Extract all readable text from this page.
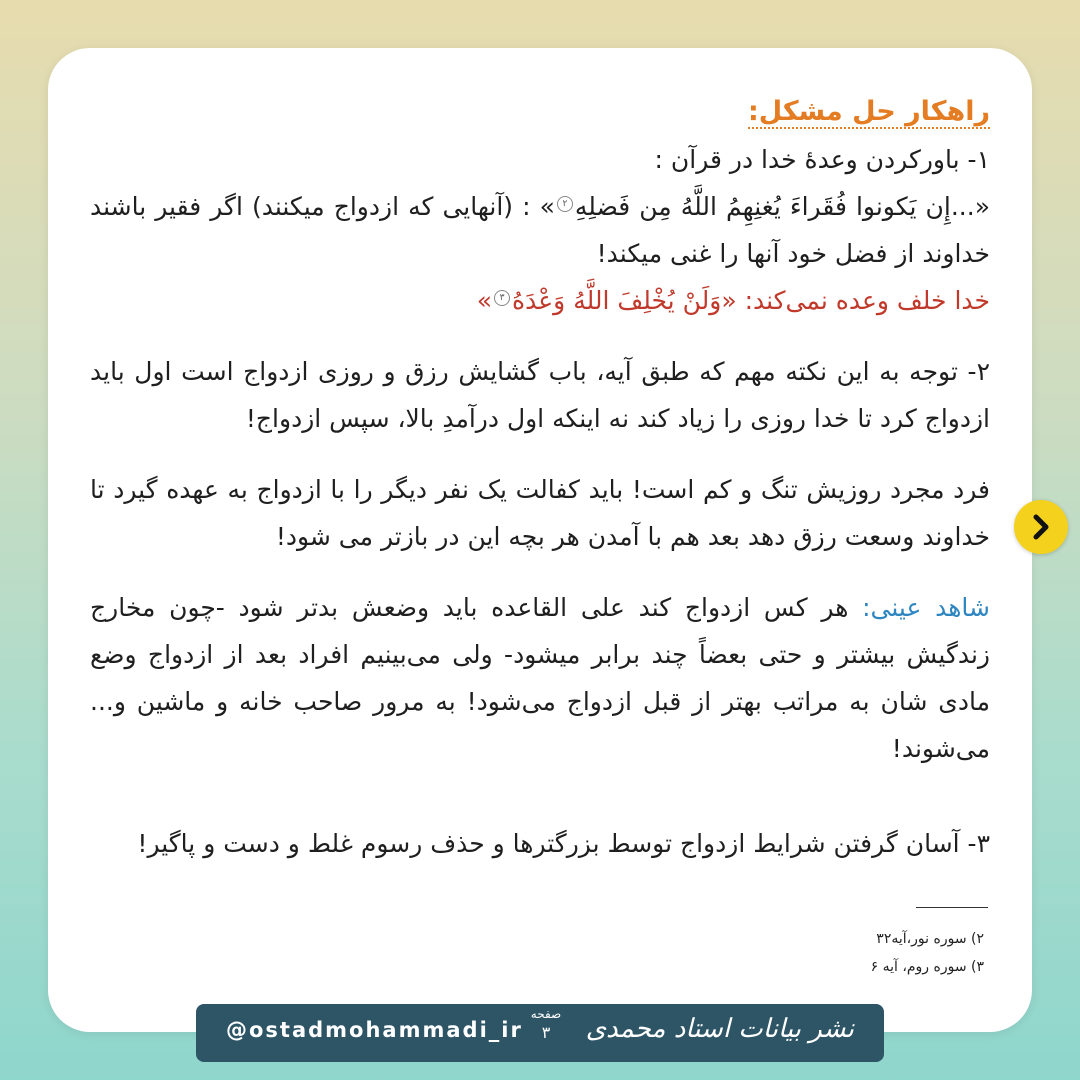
راهکار حل مشکل:

۱- باورکردن وعدۀ خدا در قرآن :

«...إِن يَكونوا فُقَراءَ يُغنِهِمُ اللَّهُ مِن فَضلِهِ۲» : (آنهایی که ازدواج میکنند) اگر فقیر باشند خداوند از فضل خود آنها را غنی میکند!

خدا خلف وعده نمی‌کند: «وَلَنْ يُخْلِفَ اللَّهُ وَعْدَهُ۳»

۲- توجه به این نکته مهم که طبق آیه، باب گشایش رزق و روزی ازدواج است اول باید ازدواج کرد تا خدا روزی را زیاد کند نه اینکه اول درآمدِ بالا، سپس ازدواج!

فرد مجرد روزیش تنگ و کم است! باید کفالت یک نفر دیگر را با ازدواج به عهده گیرد تا خداوند وسعت رزق دهد بعد هم با آمدن هر بچه این در بازتر می شود!

شاهد عینی: هر کس ازدواج کند علی القاعده باید وضعش بدتر شود -چون مخارج زندگیش بیشتر و حتی بعضاً چند برابر میشود- ولی می‌بینیم افراد بعد از ازدواج وضع مادی شان به مراتب بهتر از قبل ازدواج می‌شود! به مرور صاحب خانه و ماشین و... می‌شوند!

۳- آسان گرفتن شرایط ازدواج توسط بزرگترها و حذف رسوم غلط و دست و پاگیر!

۲) سوره نور،آیه۳۲
۳) سوره روم، آیه ۶
@ostadmohammadi_ir
صفحه
۳	نشر بیانات استاد محمدی
